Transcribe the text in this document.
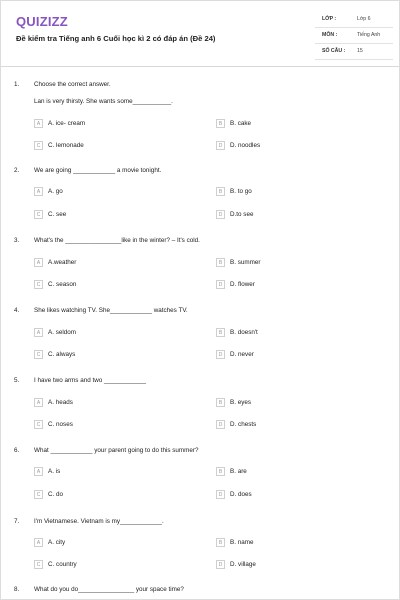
QUIZIZZ
Đề kiểm tra Tiếng anh 6 Cuối học kì 2 có đáp án (Đề 24)
LỚP :	Lớp 6
MÔN :	Tiếng Anh
SỐ CÂU : 15
1. Choose the correct answer.
Lan is very thirsty. She wants some___________.
A	A. ice- cream	B	B. cake
C	C. lemonade	D	D. noodles
2. We are going ____________ a movie tonight.
A	A. go	B	B. to go
C	C. see	D	D.to see
3. What's the ________________like in the winter? – It's cold.
A	A.weather	B	B. summer
C	C. season	D	D. flower
4. She likes watching TV. She____________ watches TV.
A	A. seldom	B	B. doesn't
C	C. always	D	D. never
5. I have two arms and two ____________
A	A. heads	B	B. eyes
C	C. noses	D	D. chests
6. What ____________ your parent going to do this summer?
A	A. is	B	B. are
C	C. do	D	D. does
7. I'm Vietnamese. Vietnam is my____________.
A	A. city	B	B. name
C	C. country	D	D. village
8. What do you do________________ your space time?
